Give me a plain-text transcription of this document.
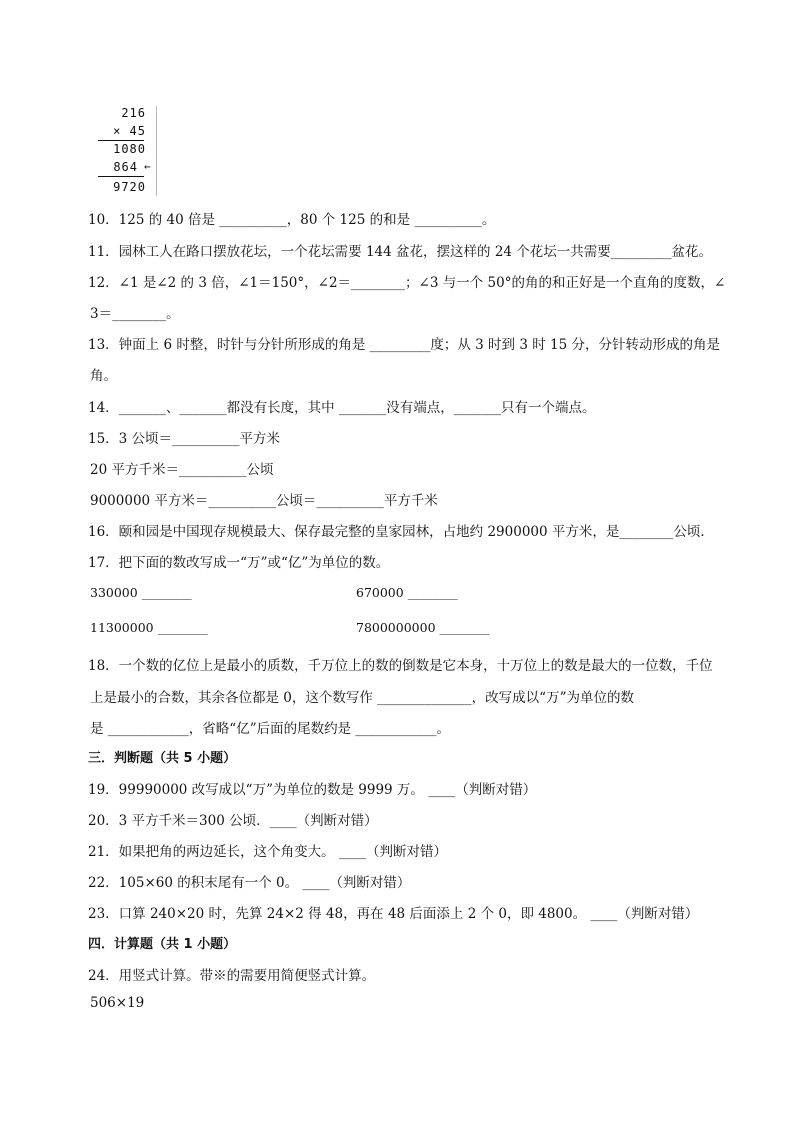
216
× 45
1080
864 ←
9720
10．125 的 40 倍是 __________，80 个 125 的和是 __________。
11．园林工人在路口摆放花坛，一个花坛需要 144 盆花，摆这样的 24 个花坛一共需要_________盆花。
12．∠1 是∠2 的 3 倍，∠1＝150°，∠2＝________；∠3 与一个 50°的角的和正好是一个直角的度数，∠
3＝________。
13．钟面上 6 时整，时针与分针所形成的角是 _________度；从 3 时到 3 时 15 分，分针转动形成的角是
角。
14．_______、_______都没有长度，其中 _______没有端点，_______只有一个端点。
15．3 公顷＝__________平方米
20 平方千米＝__________公顷
9000000 平方米＝__________公顷＝__________平方千米
16．颐和园是中国现存规模最大、保存最完整的皇家园林，占地约 2900000 平方米，是________公顷．
17．把下面的数改写成一“万”或“亿”为单位的数。
330000 ________	670000 ________
11300000 ________	7800000000 ________
18．一个数的亿位上是最小的质数，千万位上的数的倒数是它本身，十万位上的数是最大的一位数，千位
上是最小的合数，其余各位都是 0，这个数写作 ______________，改写成以“万”为单位的数
是 ____________，省略“亿”后面的尾数约是 ____________。
三．判断题（共 5 小题）
19．99990000 改写成以“万”为单位的数是 9999 万。 ____（判断对错）
20．3 平方千米＝300 公顷．____（判断对错）
21．如果把角的两边延长，这个角变大。 ____（判断对错）
22．105×60 的积末尾有一个 0。 ____（判断对错）
23．口算 240×20 时，先算 24×2 得 48，再在 48 后面添上 2 个 0，即 4800。 ____（判断对错）
四．计算题（共 1 小题）
24．用竖式计算。带※的需要用简便竖式计算。
506×19
